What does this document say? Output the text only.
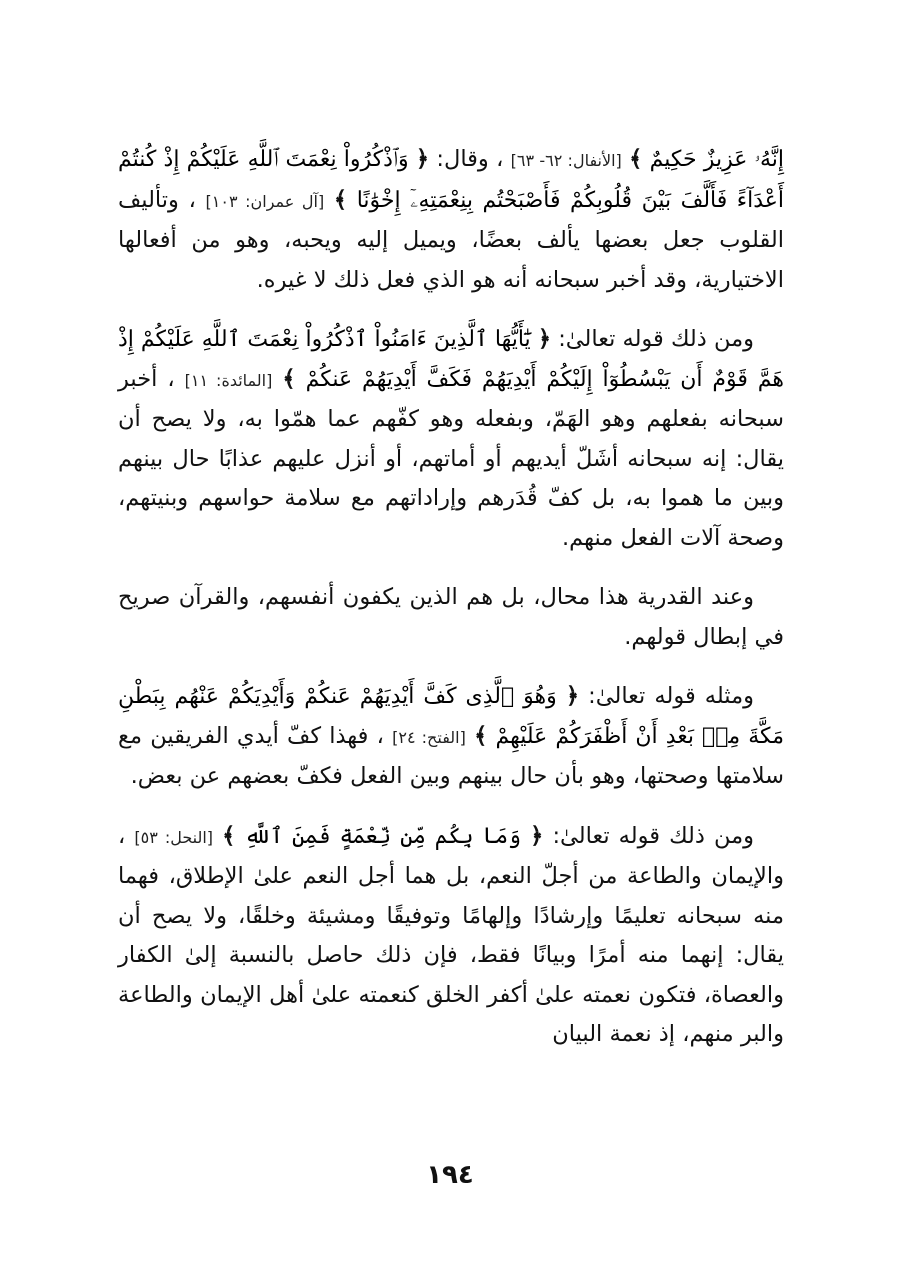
إِنَّهُۥ عَزِيزٌ حَكِيمٌ ﴾ [الأنفال: ٦٢- ٦٣] ، وقال: ﴿ وَٱذْكُرُواْ نِعْمَتَ ٱللَّهِ عَلَيْكُمْ إِذْ كُنتُمْ أَعْدَآءً فَأَلَّفَ بَيْنَ قُلُوبِكُمْ فَأَصْبَحْتُم بِنِعْمَتِهِۦٓ إِخْوَٰنًا ﴾ [آل عمران: ١٠٣] ، وتأليف القلوب جعل بعضها يألف بعضًا، ويميل إليه ويحبه، وهو من أفعالها الاختيارية، وقد أخبر سبحانه أنه هو الذي فعل ذلك لا غيره.

ومن ذلك قوله تعالىٰ: ﴿ يَٰٓأَيُّهَا ٱلَّذِينَ ءَامَنُواْ ٱذْكُرُواْ نِعْمَتَ ٱللَّهِ عَلَيْكُمْ إِذْ هَمَّ قَوْمٌ أَن يَبْسُطُوٓاْ إِلَيْكُمْ أَيْدِيَهُمْ فَكَفَّ أَيْدِيَهُمْ عَنكُمْ ﴾ [المائدة: ١١] ، أخبر سبحانه بفعلهم وهو الهَمّ، وبفعله وهو كفّهم عما همّوا به، ولا يصح أن يقال: إنه سبحانه أشَلّ أيديهم أو أماتهم، أو أنزل عليهم عذابًا حال بينهم وبين ما هموا به، بل كفّ قُدَرهم وإراداتهم مع سلامة حواسهم وبنيتهم، وصحة آلات الفعل منهم.

وعند القدرية هذا محال، بل هم الذين يكفون أنفسهم، والقرآن صريح في إبطال قولهم.

ومثله قوله تعالىٰ: ﴿ وَهُوَ ٱلَّذِى كَفَّ أَيْدِيَهُمْ عَنكُمْ وَأَيْدِيَكُمْ عَنْهُم بِبَطْنِ مَكَّةَ مِنۢ بَعْدِ أَنْ أَظْفَرَكُمْ عَلَيْهِمْ ﴾ [الفتح: ٢٤] ، فهذا كفّ أيدي الفريقين مع سلامتها وصحتها، وهو بأن حال بينهم وبين الفعل فكفّ بعضهم عن بعض.

ومن ذلك قوله تعالىٰ: ﴿ وَمَا بِكُم مِّن نِّعْمَةٍ فَمِنَ ٱللَّهِ ﴾ [النحل: ٥٣] ، والإيمان والطاعة من أجلّ النعم، بل هما أجل النعم علىٰ الإطلاق، فهما منه سبحانه تعليمًا وإرشادًا وإلهامًا وتوفيقًا ومشيئة وخلقًا، ولا يصح أن يقال: إنهما منه أمرًا وبيانًا فقط، فإن ذلك حاصل بالنسبة إلىٰ الكفار والعصاة، فتكون نعمته علىٰ أكفر الخلق كنعمته علىٰ أهل الإيمان والطاعة والبر منهم، إذ نعمة البيان

١٩٤
